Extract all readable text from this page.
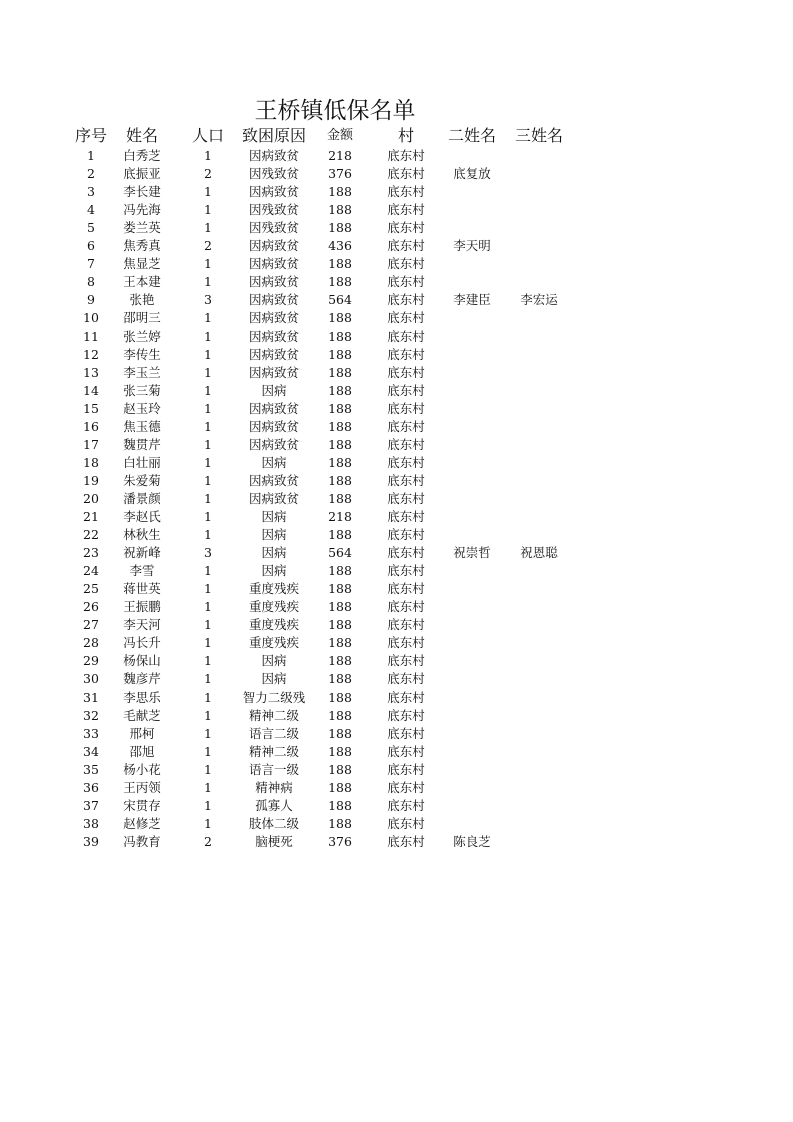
王桥镇低保名单
序号	姓名	人口	致困原因	金额	村	二姓名	三姓名
1	白秀芝	1	因病致贫	218	底东村
2	底振亚	2	因残致贫	376	底东村	底复放
3	李长建	1	因病致贫	188	底东村
4	冯先海	1	因残致贫	188	底东村
5	娄兰英	1	因残致贫	188	底东村
6	焦秀真	2	因病致贫	436	底东村	李天明
7	焦显芝	1	因病致贫	188	底东村
8	王本建	1	因病致贫	188	底东村
9	张艳	3	因病致贫	564	底东村	李建臣	李宏运
10	邵明三	1	因病致贫	188	底东村
11	张兰婷	1	因病致贫	188	底东村
12	李传生	1	因病致贫	188	底东村
13	李玉兰	1	因病致贫	188	底东村
14	张三菊	1	因病	188	底东村
15	赵玉玲	1	因病致贫	188	底东村
16	焦玉德	1	因病致贫	188	底东村
17	魏贯芹	1	因病致贫	188	底东村
18	白壮丽	1	因病	188	底东村
19	朱爱菊	1	因病致贫	188	底东村
20	潘景颜	1	因病致贫	188	底东村
21	李赵氏	1	因病	218	底东村
22	林秋生	1	因病	188	底东村
23	祝新峰	3	因病	564	底东村	祝崇哲	祝恩聪
24	李雪	1	因病	188	底东村
25	蒋世英	1	重度残疾	188	底东村
26	王振鹏	1	重度残疾	188	底东村
27	李天河	1	重度残疾	188	底东村
28	冯长升	1	重度残疾	188	底东村
29	杨保山	1	因病	188	底东村
30	魏彦芹	1	因病	188	底东村
31	李思乐	1	智力二级残	188	底东村
32	毛献芝	1	精神二级	188	底东村
33	邢柯	1	语言二级	188	底东村
34	邵旭	1	精神二级	188	底东村
35	杨小花	1	语言一级	188	底东村
36	王丙领	1	精神病	188	底东村
37	宋贯存	1	孤寡人	188	底东村
38	赵修芝	1	肢体二级	188	底东村
39	冯教育	2	脑梗死	376	底东村	陈良芝
